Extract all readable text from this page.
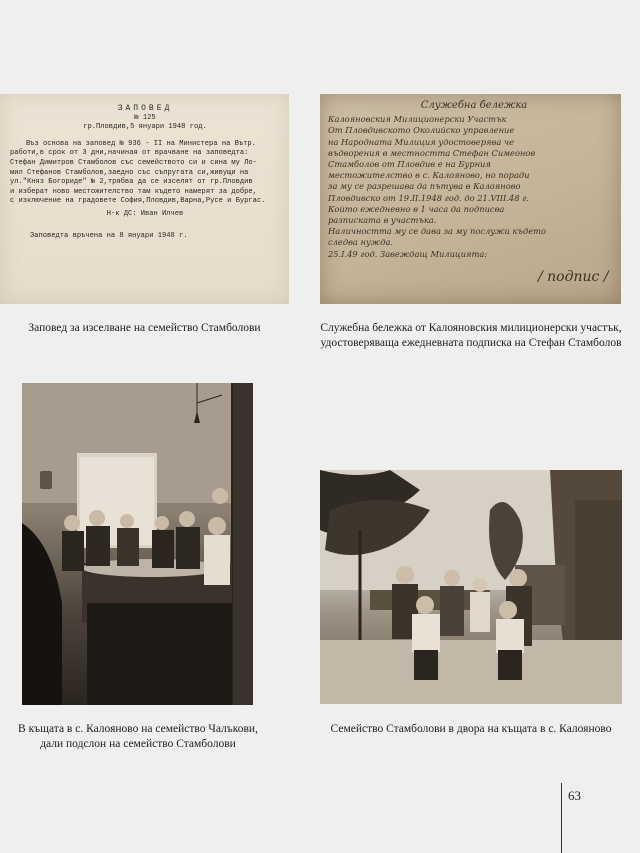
ЗАПОВЕД
№ 125
гр.Пловдив,5 януари 1948 год.
Въз основа на заповед № 936 - II на Министера на Вътр.
работи,в срок от 3 дни,начиная от врачване на заповедта:
Стефан Димитров Стамболов със семейството си и сина му Ло-
мил Стефанов Стамболов,заедно със съпругата си,живущи на
ул."Княз Богориде" № 2,трябва да се изселят от гр.Пловдив
и изберат ново местожителство там където намерят за добре,
с изключение на градовете София,Пловдив,Варна,Русе и Бургас.
Н-к ДС: Иван Илчев
Заповедта връчена на 8 януари 1948 г.
Заповед за изселване на семейство Стамболови
Служебна бележка
Калояновския Милиционерски Участък
От Пловдивското Околийско управление
на Народната Милиция удостоверява че
въдворения в местността Стефан Симеонов
Стамболов от Пловдив е на Бурния
местожителство в с. Калояново, но поради
за му се разрешава да пътува в Калояново
Пловдивско от 19.II.1948 год. до 21.VIII.48 г.
Който ежедневно в 1 часа да подписва
разписката в участъка.
Наличността му се дава за му послужи където
следва нужда.
25.I.49 год. Завеждащ Милицията:
/ подпис /
Служебна бележка от Калояновския милиционерски участък,
удостоверяваща ежедневната подписка на Стефан Стамболов
В къщата в с. Калояново на семейство Чалъкови,
дали подслон на семейство Стамболови
Семейство Стамболови в двора на къщата в с. Калояново
63
